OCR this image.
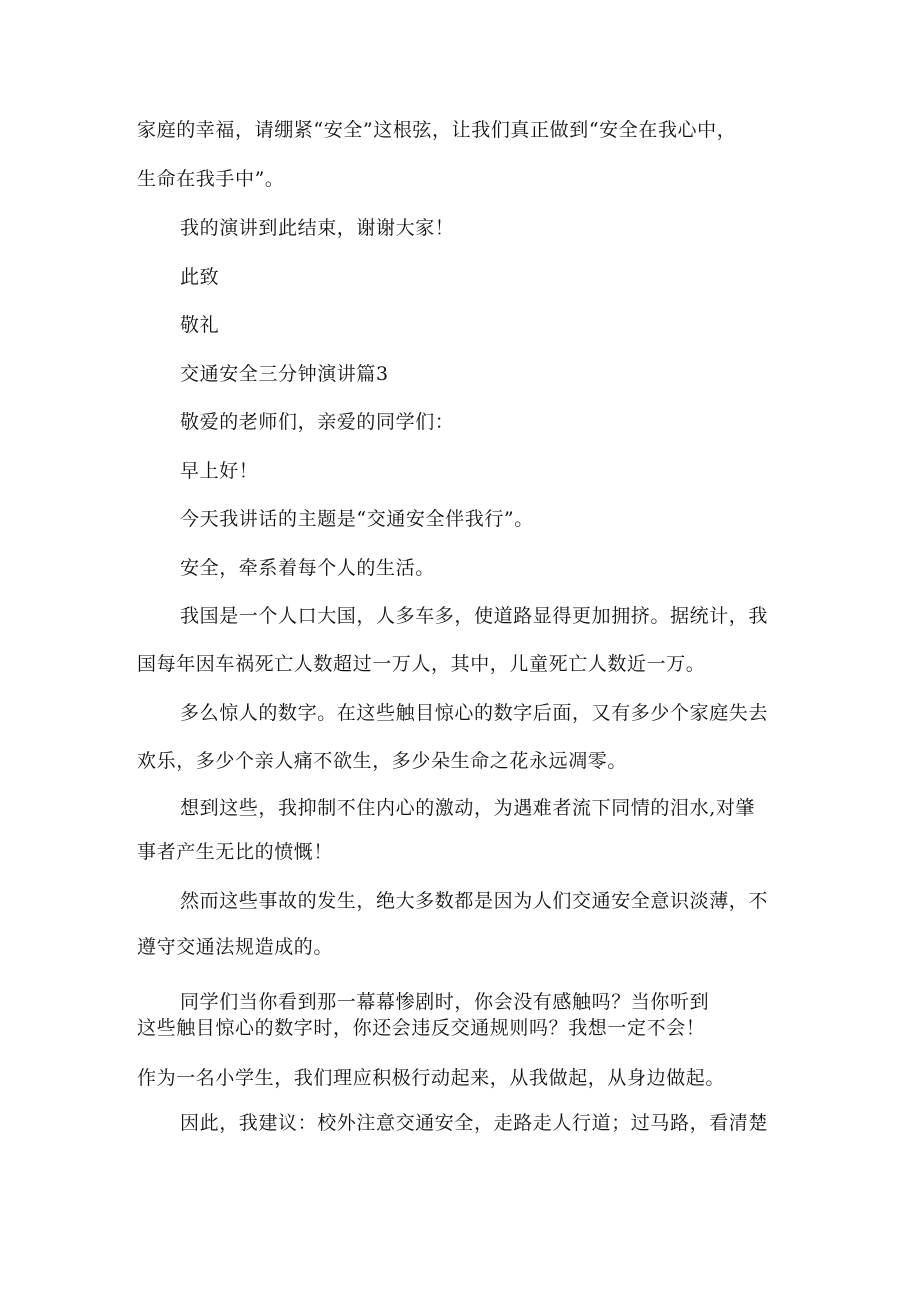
家庭的幸福，请绷紧“安全”这根弦，让我们真正做到“安全在我心中，
生命在我手中”。
我的演讲到此结束，谢谢大家！
此致
敬礼
交通安全三分钟演讲篇3
敬爱的老师们，亲爱的同学们：
早上好！
今天我讲话的主题是“交通安全伴我行”。
安全，牵系着每个人的生活。
我国是一个人口大国，人多车多，使道路显得更加拥挤。据统计，我
国每年因车祸死亡人数超过一万人，其中，儿童死亡人数近一万。
多么惊人的数字。在这些触目惊心的数字后面，又有多少个家庭失去
欢乐，多少个亲人痛不欲生，多少朵生命之花永远凋零。
想到这些，我抑制不住内心的激动，为遇难者流下同情的泪水,对肇
事者产生无比的愤慨！
然而这些事故的发生，绝大多数都是因为人们交通安全意识淡薄，不
遵守交通法规造成的。
同学们当你看到那一幕幕惨剧时，你会没有感触吗？当你听到
这些触目惊心的数字时，你还会违反交通规则吗？我想一定不会！
作为一名小学生，我们理应积极行动起来，从我做起，从身边做起。
因此，我建议：校外注意交通安全，走路走人行道；过马路，看清楚
